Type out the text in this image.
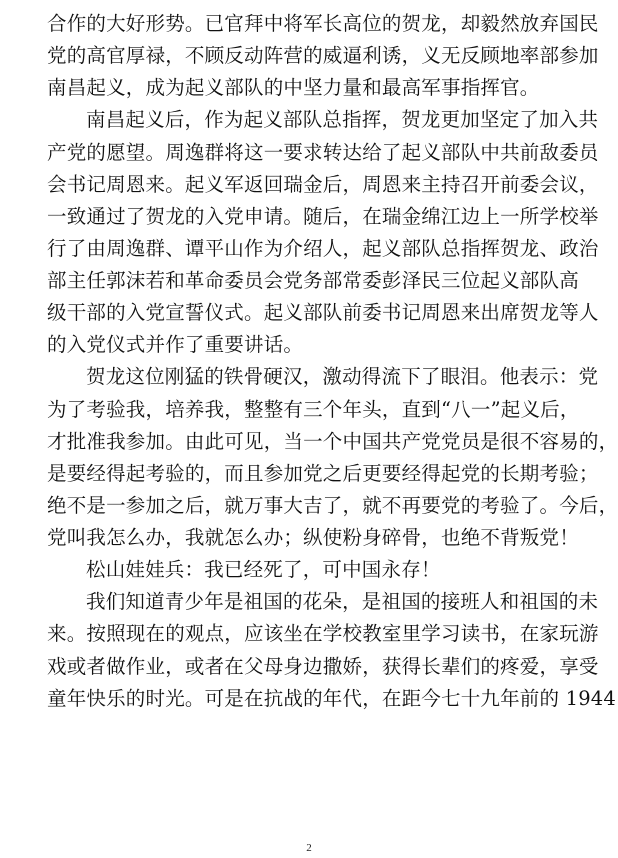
合作的大好形势。已官拜中将军长高位的贺龙，却毅然放弃国民
党的高官厚禄，不顾反动阵营的威逼利诱，义无反顾地率部参加
南昌起义，成为起义部队的中坚力量和最高军事指挥官。
南昌起义后，作为起义部队总指挥，贺龙更加坚定了加入共
产党的愿望。周逸群将这一要求转达给了起义部队中共前敌委员
会书记周恩来。起义军返回瑞金后，周恩来主持召开前委会议，
一致通过了贺龙的入党申请。随后，在瑞金绵江边上一所学校举
行了由周逸群、谭平山作为介绍人，起义部队总指挥贺龙、政治
部主任郭沫若和革命委员会党务部常委彭泽民三位起义部队高
级干部的入党宣誓仪式。起义部队前委书记周恩来出席贺龙等人
的入党仪式并作了重要讲话。
贺龙这位刚猛的铁骨硬汉，激动得流下了眼泪。他表示：党
为了考验我，培养我，整整有三个年头，直到“八一”起义后，
才批准我参加。由此可见，当一个中国共产党党员是很不容易的，
是要经得起考验的，而且参加党之后更要经得起党的长期考验；
绝不是一参加之后，就万事大吉了，就不再要党的考验了。今后，
党叫我怎么办，我就怎么办；纵使粉身碎骨，也绝不背叛党！
松山娃娃兵：我已经死了，可中国永存！
我们知道青少年是祖国的花朵，是祖国的接班人和祖国的未
来。按照现在的观点，应该坐在学校教室里学习读书，在家玩游
戏或者做作业，或者在父母身边撒娇，获得长辈们的疼爱，享受
童年快乐的时光。可是在抗战的年代，在距今七十九年前的 1944
2
